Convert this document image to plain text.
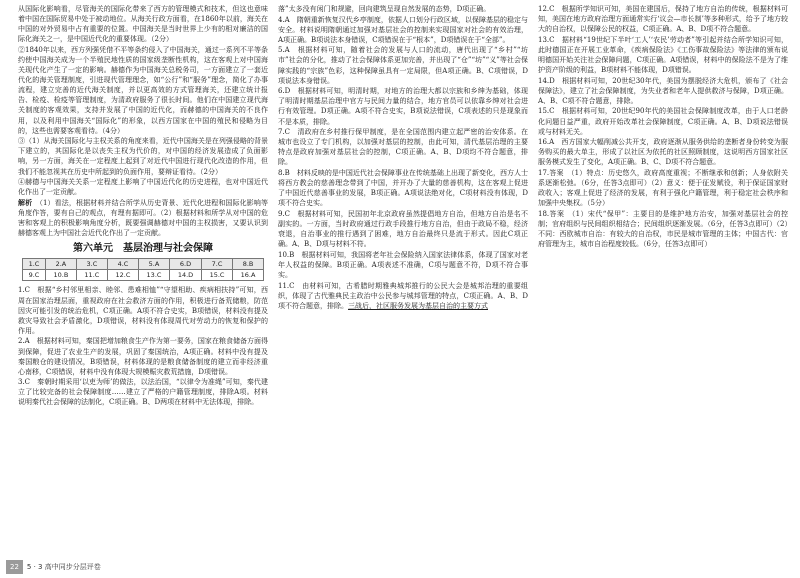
从国际化影响看，尽管海关的国际化带来了西方的管理模式和技术，但这也意味着中国在国际贸易中处于被动地位。从海关行政方面看，在1860年以前，海关在中国的对外贸易中占有重要的位置。中国海关是当时世界上少有的相对廉洁的国际化海关之一，是中国近代化的重要体现。（2分）

②1840年以来，西方列强凭借不平等条约侵入了中国海关，通过一系列不平等条约使中国海关成为一个半殖民地性质的国家级垄断性机构，这在客观上对中国海关现代化产生了一定的影响。赫德作为中国海关总税务司，一方面建立了一套近代化的海关管理制度，引进现代管理理念，如“公行”和“服务”理念，简化了办事流程，建立完善的近代海关制度，并以更高效的方式管理海关，还建立统计报告、检疫、检疫等管理制度，为清政府服务了很长时间。他们在中国建立现代海关制度的客观效果，支持并发展了中国的近代化，而赫德的中国海关的不良作用，以及利用中国海关“国际化”的形象，以西方国家在中国的殖民和侵略为目的，这些也需要客观看待。（4分）

③（1）从海关国际化与主权关系的角度来看，近代中国海关是在列强侵略的背景下建立的，其国际化是以丧失主权为代价的，对中国的经济发展造成了负面影响，另一方面，海关在一定程度上起到了对近代中国进行现代化改造的作用，但我们不能忽视其在历史中所起到的负面作用，要辩证看待。（2分）

④赫德与中国海关关系一定程度上影响了中国近代化的历史进程，也对中国近代化作出了一定贡献。

解析　 （1）看法，根据材料并结合所学从历史背景、近代化进程和国际化影响等角度作答，要有自己的观点，有理有据即可。（2）根据材料和所学从对中国的危害和客观上的积极影响角度分析，既要强调赫德对中国的主权损害，又要认识到赫德客观上为中国社会近代化作出了一定贡献。

第六单元　基层治理与社会保障
1.C	2.A	3.C	4.C	5.A	6.D	7.C	8.B
9.C	10.B	11.C	12.C	13.C	14.D	15.C	16.A

1.C　根据“乡村邻里相亲、睦邻、患难相恤”“守望相助、疾病相扶持”可知，西周在国家治理层面，重视政府在社会救济方面的作用，积极进行备荒储粮，防范因灾可能引发的统治危机，C项正确。A项不符合史实，B项错误，材料没有提及救灾导致社会矛盾激化，D项错误，材料没有体现周代对劳动力的恢复和保护的作用。

2.A　根据材料可知，秦国把增加粮食生产作为第一要务，国家在粮食储备方面得到保障，促进了农业生产的发展，巩固了秦国统治，A项正确。材料中没有提及秦国粮仓的建设情况，B项错误，材料体现的是粮食储备制度的建立而非经济重心南移，C项错误，材料中没有体现大规模赈灾救荒措施，D项错误。

3.C　秦朝时期采用‘以吏为师’的做法，以法治国，“以律令为准绳”可知，秦代建立了比较完备的社会保障制度……建立了严格的户籍管理制度，排除A项。材料说明秦代社会保障的法制化，C项正确。B、D两项在材料中无法体现，排除。

落”太多没有闲门和规避，回向建筑呈现自然发展的态势，D项正确。

4.A　隋朝重新恢复汉代乡亭制度，依据人口划分行政区域，以保障基层的稳定与安全。材料说明隋朝通过加强对基层社会的控制来实现国家对社会的有效治理，A项正确。B项说法本身错误，C项错误在于“根本”，D项错误在于“全部”。

5.A　根据材料可知，随着社会的发展与人口的流动，唐代出现了“乡村”“坊市”社会的分化，推动了社会保障体系更加完善，并出现了“仓”“坊”“义”等社会保障实践的“宗族”色彩，这种保障虽具有一定局限，但A项正确。B、C项错误，D项说法本身错误。

6.D　根据材料可知，明清时期，对地方的治理大都以宗族和乡绅为基础，体现了明清时期基层治理中官方与民间力量的结合，地方官员可以依靠乡绅对社会进行有效管理。D项正确。A项不符合史实，B项说法错误，C项表述的只是现象而不是本质，排除。

7.C　清政府在乡村推行保甲制度，是在全国范围内建立起严密的治安体系。在城市也设立了专门机构，以加强对基层的控制，由此可知，清代基层治理的主要特点是政府加强对基层社会的控制，C项正确。A、B、D项均不符合题意，排除。

8.B　材料反映的是中国近代社会保障事业在传统基础上出现了新变化，西方人士将西方教会的慈善理念带到了中国，并开办了大量的慈善机构，这在客观上促进了中国近代慈善事业的发展，B项正确。A项说法绝对化，C项材料没有体现，D项不符合史实。

9.C　根据材料可知，民国初年北京政府虽然提倡地方自治，但地方自治是名不副实的。一方面，当时政府通过行政手段推行地方自治，但由于政局不稳，经济衰退，自治事业的推行遇到了困难，地方自治最终只是流于形式。因此C项正确。A、B、D项与材料不符。

10.B　根据材料可知，我国将老年社会保险纳入国家法律体系，体现了国家对老年人权益的保障。B项正确。A项表述不准确，C项与题意不符，D项不符合事实。

11.C　由材料可知，古希腊时期雅典城邦推行的公民大会是城邦治理的重要组织，体现了古代雅典民主政治中公民参与城邦管理的特点，C项正确。A、B、D项不符合题意，排除。三战后，社区服务发展为基层自治的主要方式

12.C　根据所学知识可知，美国在建国后，保持了地方自治的传统，根据材料可知，美国在地方政府治理方面通常实行‘议会—市长制’等多种形式，给予了地方较大的自治权，以保障公民的权益，C项正确。A、B、D项不符合题意。

13.C　据材料“19世纪下半叶‘工人’‘农民’劳动者”等引起并结合所学知识可知，此时德国正在开展工业革命，《疾病保险法》《工伤事故保险法》等法律的颁布说明德国开始关注社会保障问题，C项正确。A项错误，材料中的保险法不是为了维护资产阶级的利益，B项材料不能体现，D项错误。

14.D　根据材料可知，20世纪30年代，美国为摆脱经济大危机，颁布了《社会保障法》，建立了社会保障制度，为失业者和老年人提供救济与保障，D项正确。A、B、C项不符合题意，排除。

15.C　根据材料可知，20世纪90年代的美国社会保障制度改革，由于人口老龄化问题日益严重，政府开始改革社会保障制度，C项正确。A、B、D项说法错误或与材料无关。

16.A　西方国家大幅削减公共开支，政府逐渐从服务供给的垄断者身份转变为服务购买的最大单主，形成了以社区为依托的社区照顾制度，这说明西方国家社区服务模式发生了变化，A项正确。B、C、D项不符合题意。

17.答案　（1）特点：历史悠久，政府高度重视；不断继承和创新；人身依附关系逐渐松弛。（6分，任答3点即可）（2）意义：便于征发赋役，利于保证国家财政收入；客观上促进了经济的发展，有利于强化户籍管理，利于稳定社会秩序和加强中央集权。（5分）

18.答案　（1）宋代“保甲”：主要目的是维护地方治安，加强对基层社会的控制；官府组织与民间组织相结合；民间组织逐渐发展。（6分，任答3点即可）（2）不同：西欧城市自治：有较大的自治权，市民是城市管理的主体；中国古代：官府管理为主，城市自治程度较低。（6分，任答3点即可）

22 5 · 3 高中同步分层评卷
